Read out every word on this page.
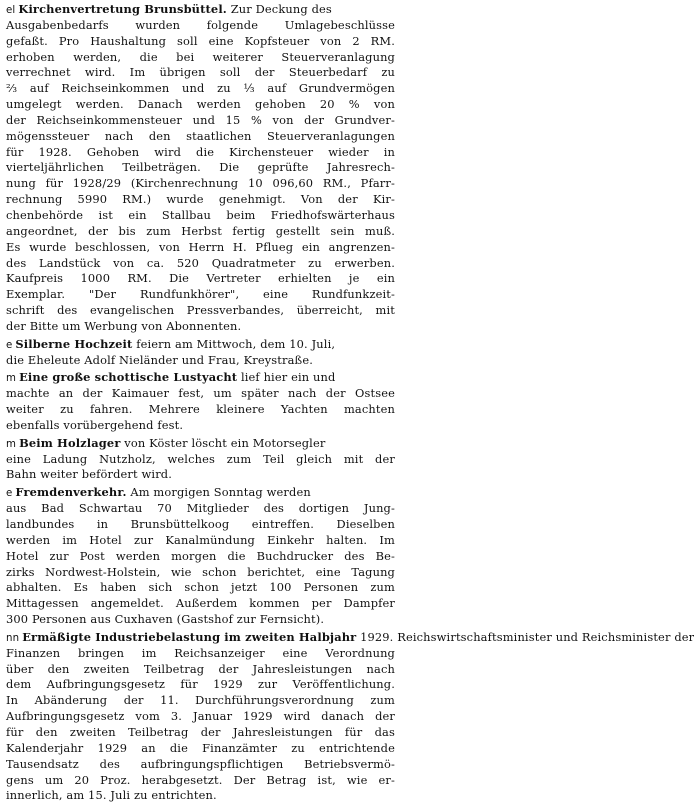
el Kirchenvertretung Brunsbüttel. Zur Deckung des
Ausgabenbedarfs wurden folgende Umlagebeschlüsse
gefaßt. Pro Haushaltung soll eine Kopfsteuer von 2 RM.
erhoben werden, die bei weiterer Steuerveranlagung
verrechnet wird. Im übrigen soll der Steuerbedarf zu
⅔ auf Reichseinkommen und zu ⅓ auf Grundvermögen
umgelegt werden. Danach werden gehoben 20 % von
der Reichseinkommensteuer und 15 % von der Grundver-
mögenssteuer nach den staatlichen Steuerveranlagungen
für 1928. Gehoben wird die Kirchensteuer wieder in
vierteljährlichen Teilbeträgen. Die geprüfte Jahresrech-
nung für 1928/29 (Kirchenrechnung 10 096,60 RM., Pfarr-
rechnung 5990 RM.) wurde genehmigt. Von der Kir-
chenbehörde ist ein Stallbau beim Friedhofswärterhaus
angeordnet, der bis zum Herbst fertig gestellt sein muß.
Es wurde beschlossen, von Herrn H. Pflueg ein angrenzen-
des Landstück von ca. 520 Quadratmeter zu erwerben.
Kaufpreis 1000 RM. Die Vertreter erhielten je ein
Exemplar. "Der Rundfunkhörer", eine Rundfunkzeit-
schrift des evangelischen Pressverbandes, überreicht, mit
der Bitte um Werbung von Abonnenten.
e Silberne Hochzeit feiern am Mittwoch, dem 10. Juli,
die Eheleute Adolf Nieländer und Frau, Kreystraße.
m Eine große schottische Lustyacht lief hier ein und
machte an der Kaimauer fest, um später nach der Ostsee
weiter zu fahren. Mehrere kleinere Yachten machten
ebenfalls vorübergehend fest.
m Beim Holzlager von Köster löscht ein Motorsegler
eine Ladung Nutzholz, welches zum Teil gleich mit der
Bahn weiter befördert wird.
e Fremdenverkehr. Am morgigen Sonntag werden
aus Bad Schwartau 70 Mitglieder des dortigen Jung-
landbundes in Brunsbüttelkoog eintreffen. Dieselben
werden im Hotel zur Kanalmündung Einkehr halten. Im
Hotel zur Post werden morgen die Buchdrucker des Be-
zirks Nordwest-Holstein, wie schon berichtet, eine Tagung
abhalten. Es haben sich schon jetzt 100 Personen zum
Mittagessen angemeldet. Außerdem kommen per Dampfer
300 Personen aus Cuxhaven (Gastshof zur Fernsicht).
nn Ermäßigte Industriebelastung im zweiten Halbjahr 1929. Reichswirtschaftsminister und Reichsminister der
Finanzen bringen im Reichsanzeiger eine Verordnung
über den zweiten Teilbetrag der Jahresleistungen nach
dem Aufbringungsgesetz für 1929 zur Veröffentlichung.
In Abänderung der 11. Durchführungsverordnung zum
Aufbringungsgesetz vom 3. Januar 1929 wird danach der
für den zweiten Teilbetrag der Jahresleistungen für das
Kalenderjahr 1929 an die Finanzämter zu entrichtende
Tausendsatz des aufbringungspflichtigen Betriebsvermö-
gens um 20 Proz. herabgesetzt. Der Betrag ist, wie er-
innerlich, am 15. Juli zu entrichten.
